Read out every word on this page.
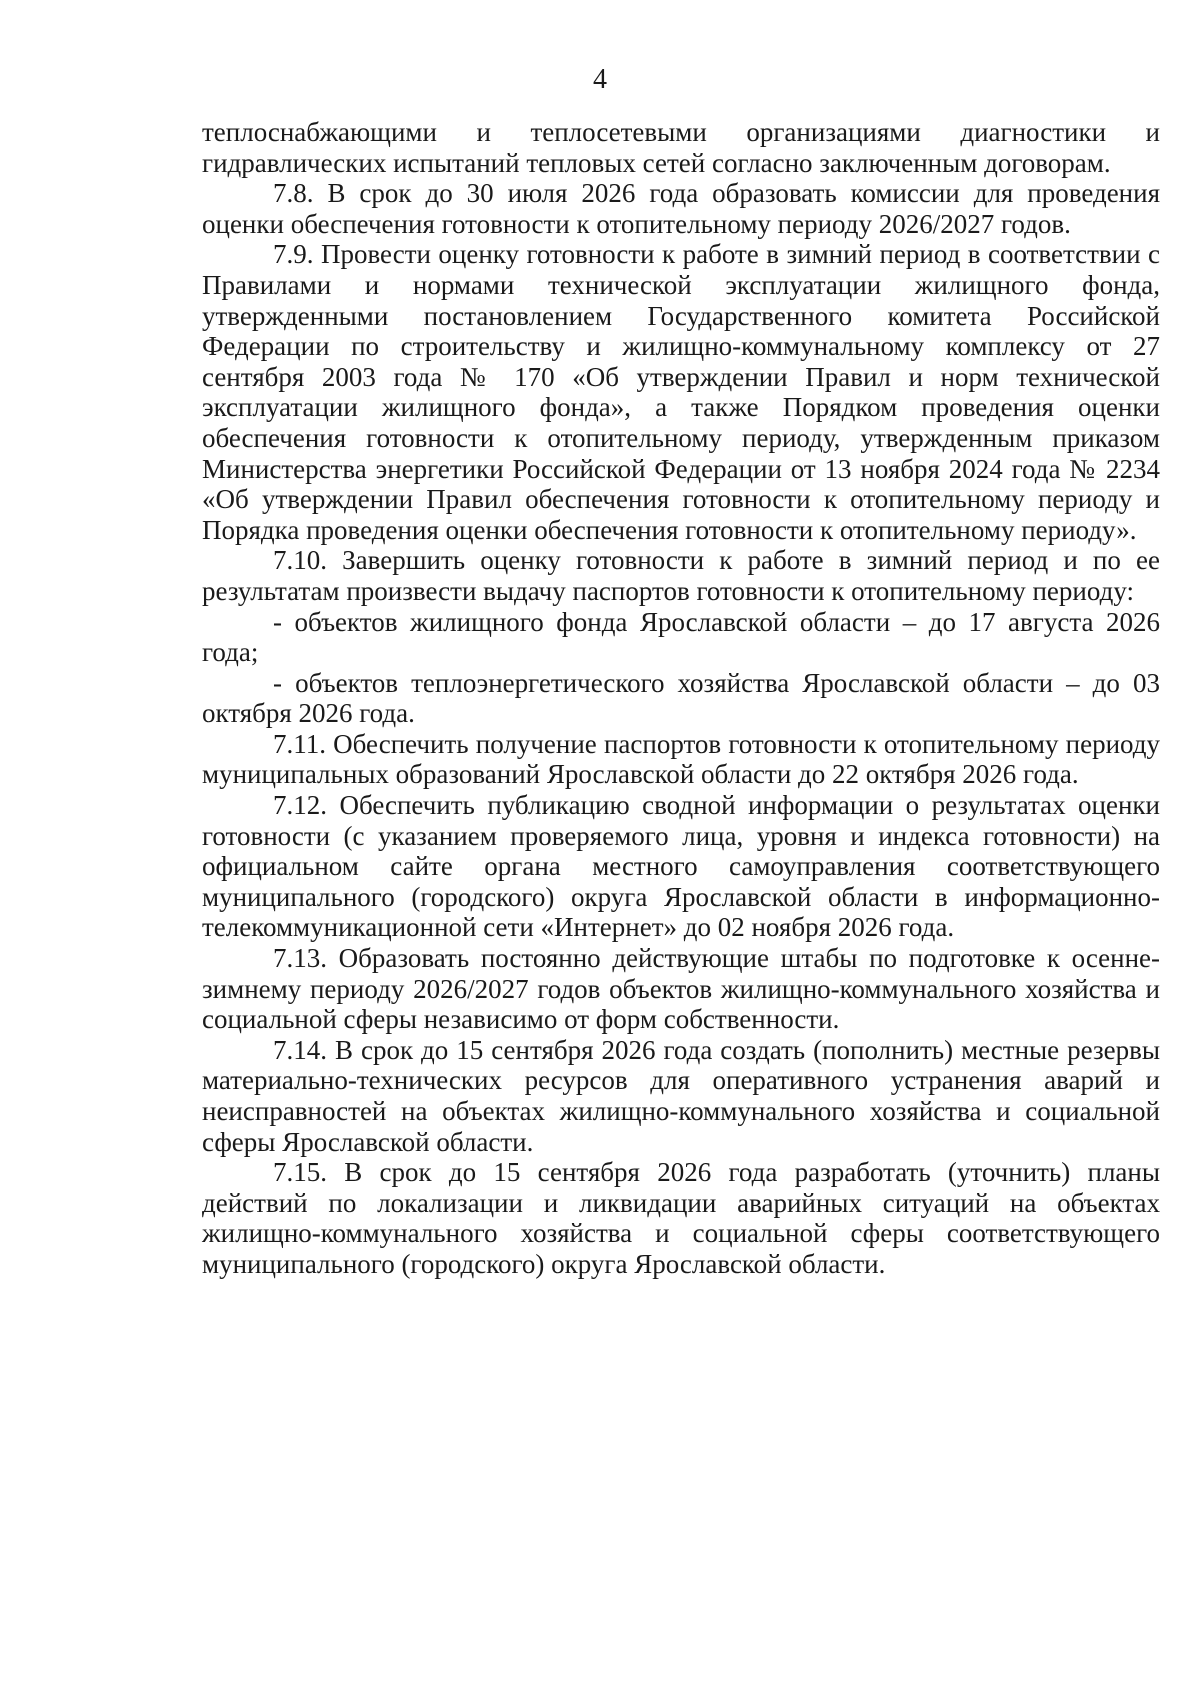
4

теплоснабжающими и теплосетевыми организациями диагностики и гидравлических испытаний тепловых сетей согласно заключенным договорам.

7.8. В срок до 30 июля 2026 года образовать комиссии для проведения оценки обеспечения готовности к отопительному периоду 2026/2027 годов.

7.9. Провести оценку готовности к работе в зимний период в соответствии с Правилами и нормами технической эксплуатации жилищного фонда, утвержденными постановлением Государственного комитета Российской Федерации по строительству и жилищно-коммунальному комплексу от 27 сентября 2003 года № 170 «Об утверждении Правил и норм технической эксплуатации жилищного фонда», а также Порядком проведения оценки обеспечения готовности к отопительному периоду, утвержденным приказом Министерства энергетики Российской Федерации от 13 ноября 2024 года № 2234 «Об утверждении Правил обеспечения готовности к отопительному периоду и Порядка проведения оценки обеспечения готовности к отопительному периоду».

7.10. Завершить оценку готовности к работе в зимний период и по ее результатам произвести выдачу паспортов готовности к отопительному периоду:

- объектов жилищного фонда Ярославской области – до 17 августа 2026 года;

- объектов теплоэнергетического хозяйства Ярославской области – до 03 октября 2026 года.

7.11. Обеспечить получение паспортов готовности к отопительному периоду муниципальных образований Ярославской области до 22 октября 2026 года.

7.12. Обеспечить публикацию сводной информации о результатах оценки готовности (с указанием проверяемого лица, уровня и индекса готовности) на официальном сайте органа местного самоуправления соответствующего муниципального (городского) округа Ярославской области в информационно-телекоммуникационной сети «Интернет» до 02 ноября 2026 года.

7.13. Образовать постоянно действующие штабы по подготовке к осенне-зимнему периоду 2026/2027 годов объектов жилищно-коммунального хозяйства и социальной сферы независимо от форм собственности.

7.14. В срок до 15 сентября 2026 года создать (пополнить) местные резервы материально-технических ресурсов для оперативного устранения аварий и неисправностей на объектах жилищно-коммунального хозяйства и социальной сферы Ярославской области.

7.15. В срок до 15 сентября 2026 года разработать (уточнить) планы действий по локализации и ликвидации аварийных ситуаций на объектах жилищно-коммунального хозяйства и социальной сферы соответствующего муниципального (городского) округа Ярославской области.
